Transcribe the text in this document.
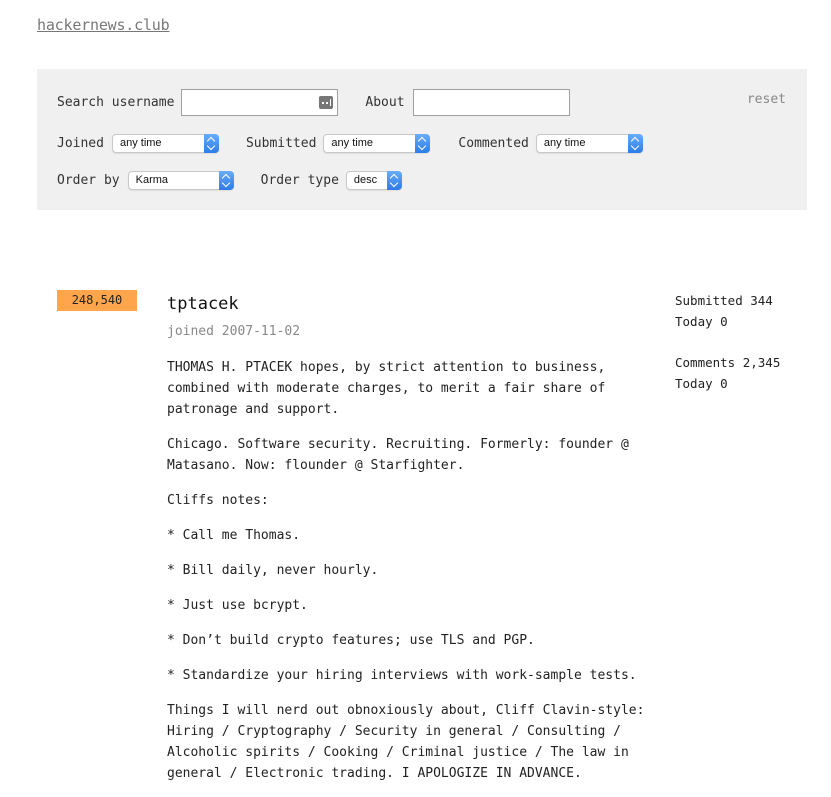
hackernews.club
Search username	About	reset
Joined	any time	Submitted	any time	Commented	any time
Order by	Karma	Order type	desc
248,540	tptacek
joined 2007-11-02

THOMAS H. PTACEK hopes, by strict attention to business, combined with moderate charges, to merit a fair share of patronage and support.

Chicago. Software security. Recruiting. Formerly: founder @ Matasano. Now: flounder @ Starfighter.

Cliffs notes:

* Call me Thomas.

* Bill daily, never hourly.

* Just use bcrypt.

* Don’t build crypto features; use TLS and PGP.

* Standardize your hiring interviews with work-sample tests.

Things I will nerd out obnoxiously about, Cliff Clavin-style: Hiring / Cryptography / Security in general / Consulting / Alcoholic spirits / Cooking / Criminal justice / The law in general / Electronic trading. I APOLOGIZE IN ADVANCE.

Submitted 344
Today 0
Comments 2,345
Today 0
